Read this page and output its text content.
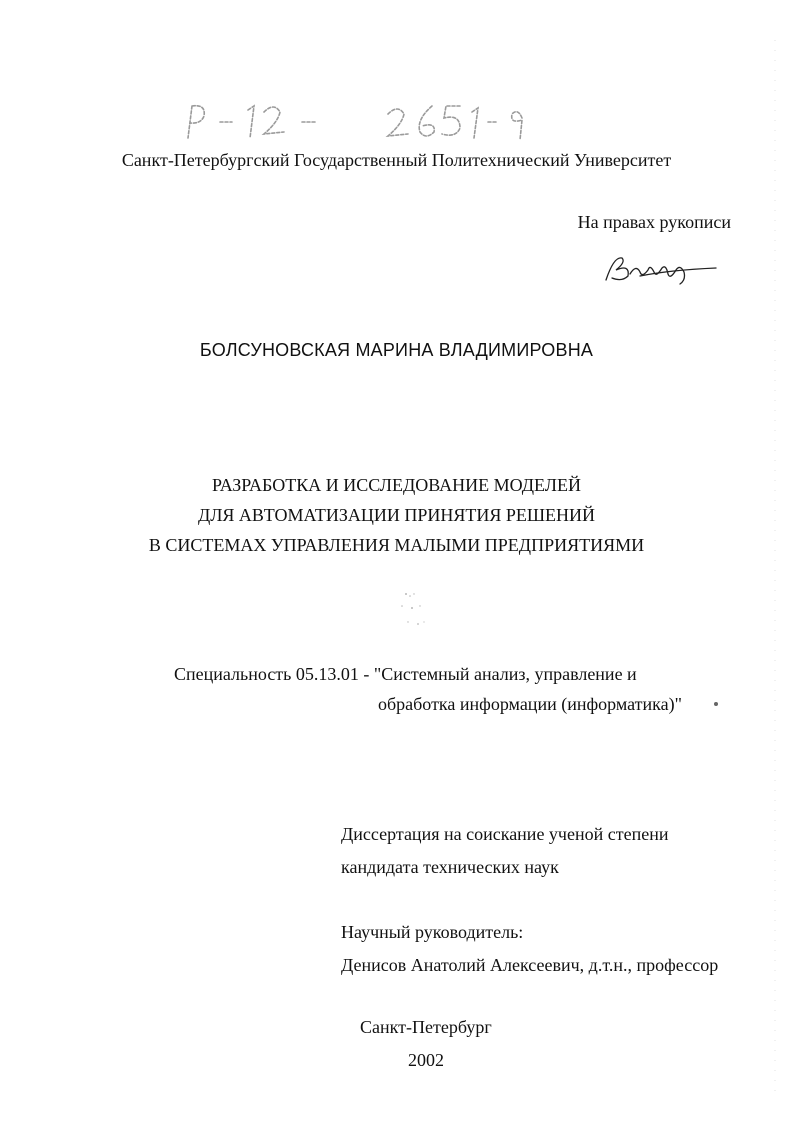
Санкт-Петербургский Государственный Политехнический Университет
На правах рукописи
БОЛСУНОВСКАЯ МАРИНА ВЛАДИМИРОВНА
РАЗРАБОТКА И ИССЛЕДОВАНИЕ МОДЕЛЕЙ
ДЛЯ АВТОМАТИЗАЦИИ ПРИНЯТИЯ РЕШЕНИЙ
В СИСТЕМАХ УПРАВЛЕНИЯ МАЛЫМИ ПРЕДПРИЯТИЯМИ
Специальность 05.13.01 - "Системный анализ, управление и
обработка информации (информатика)"
Диссертация на соискание ученой степени
кандидата технических наук
Научный руководитель:
Денисов Анатолий Алексеевич, д.т.н., профессор
Санкт-Петербург
2002
